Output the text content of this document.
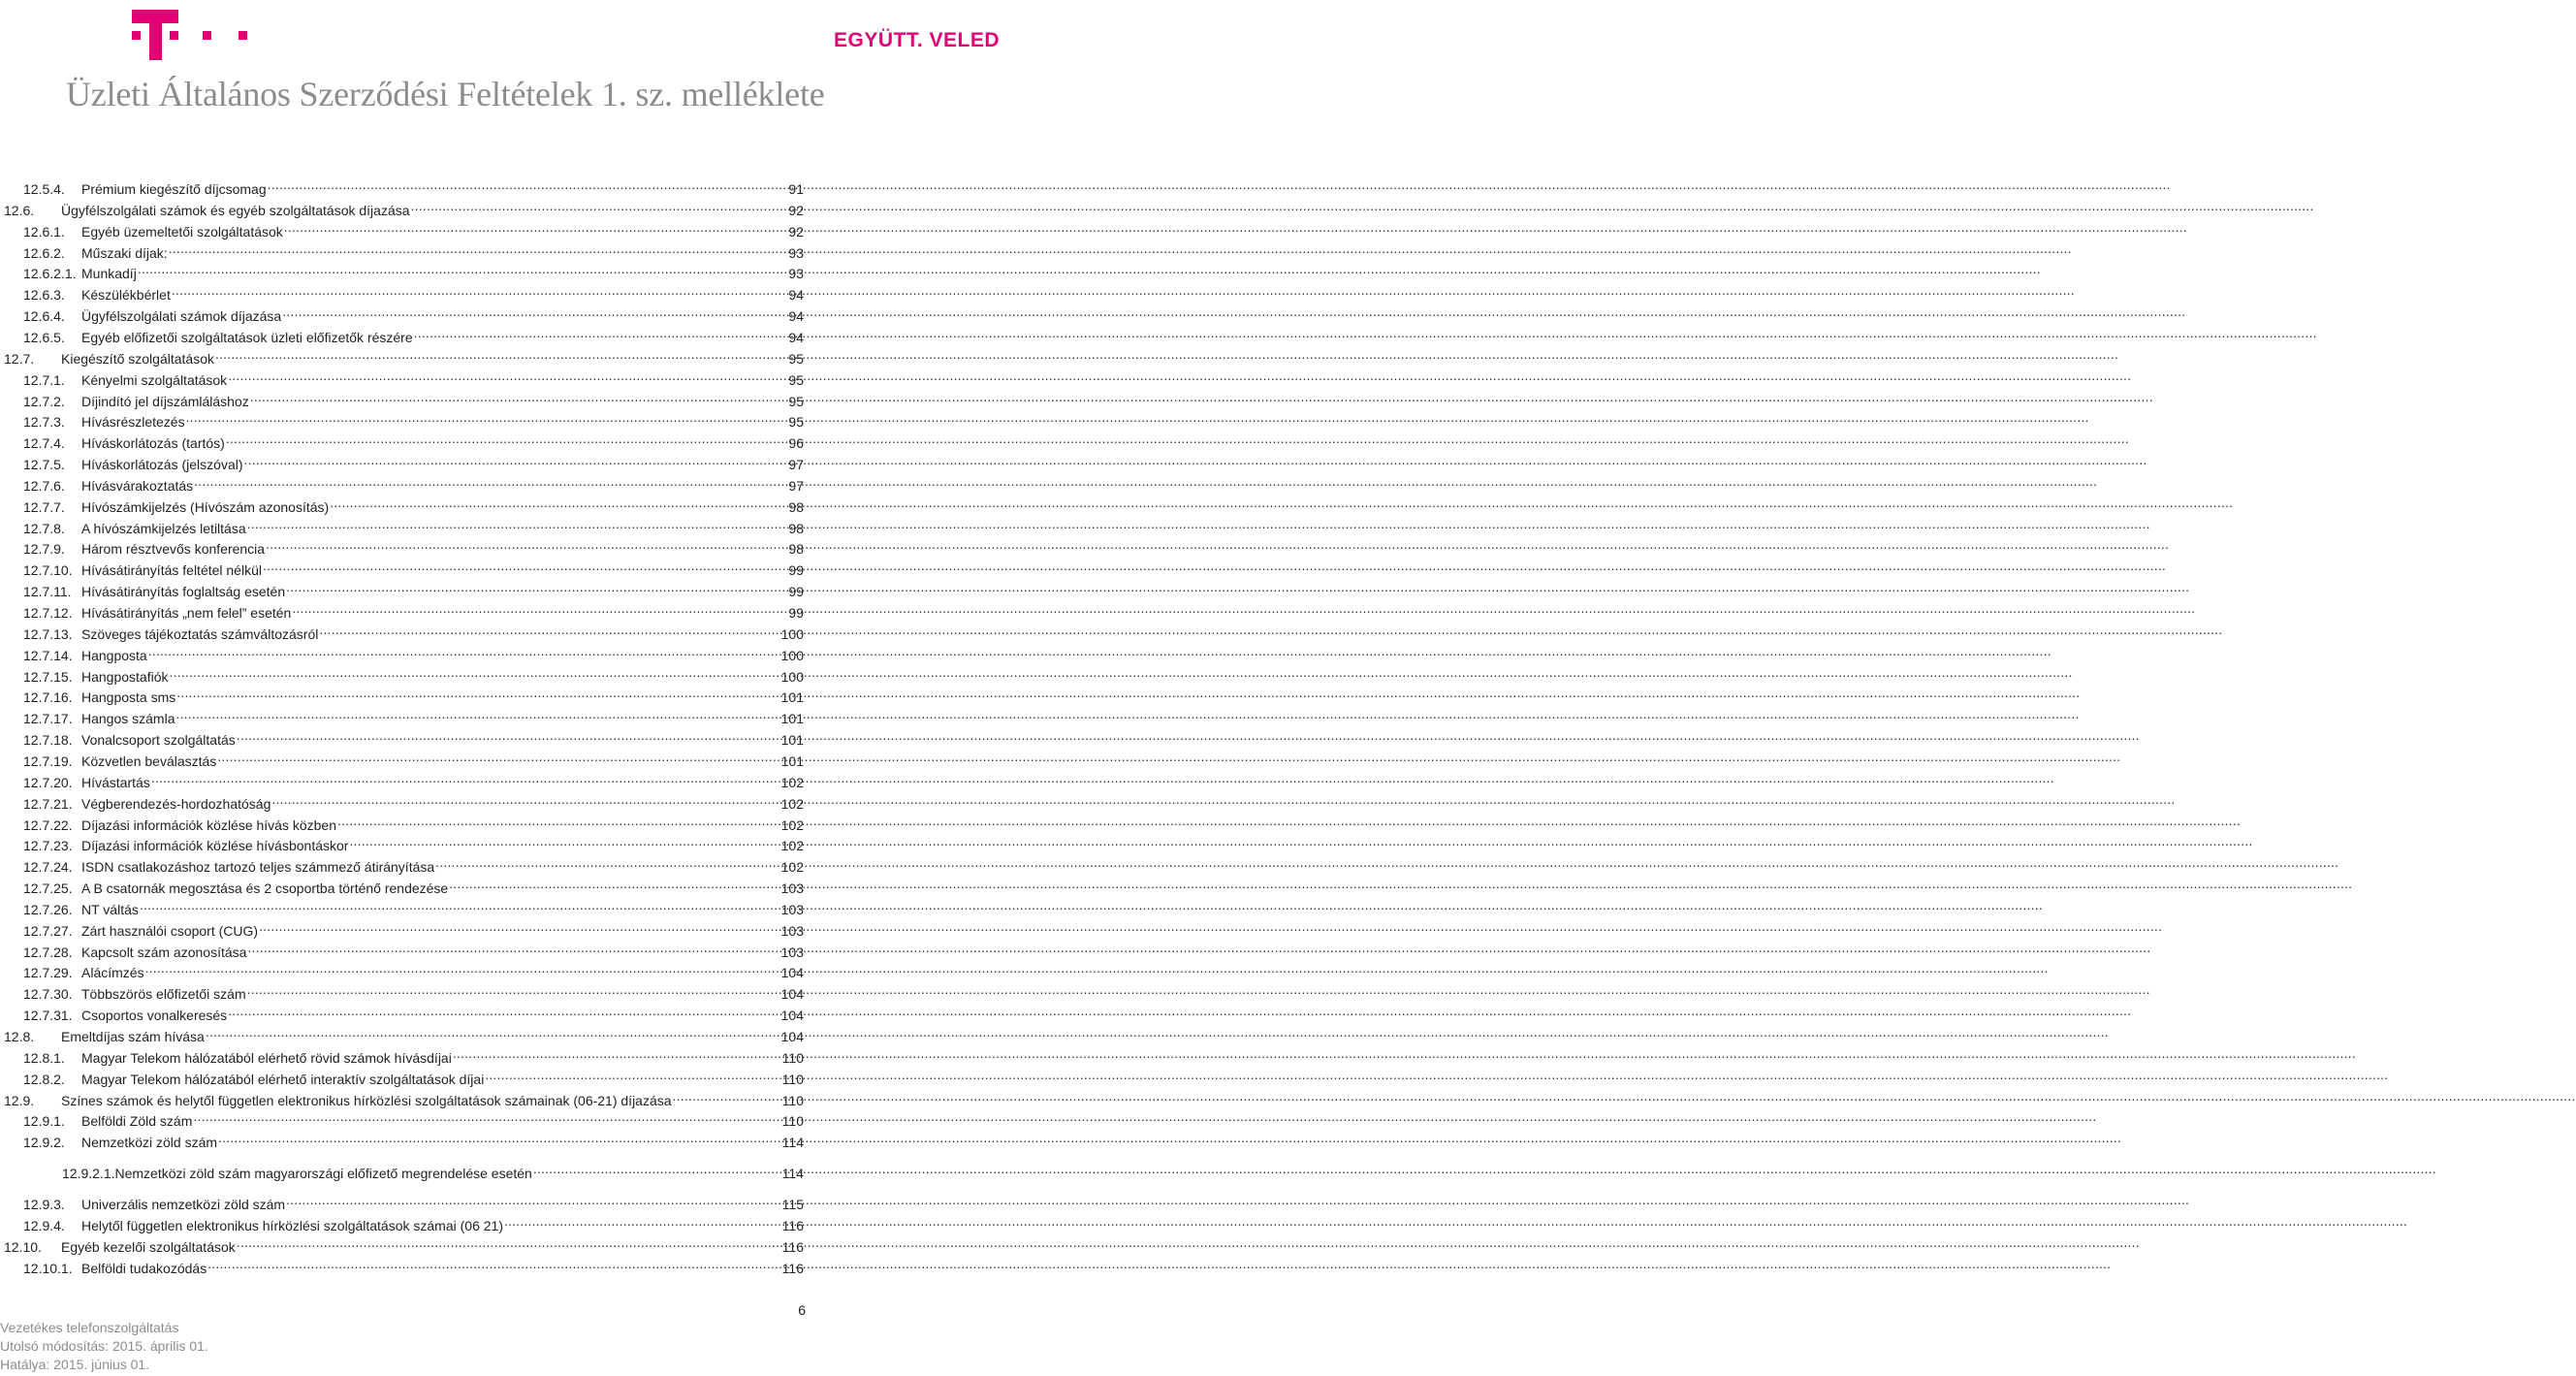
EGYÜTT. VELED
Üzleti Általános Szerződési Feltételek 1. sz. melléklete
12.5.4.	Prémium kiegészítő díjcsomag .....	91
12.6.	Ügyfélszolgálati számok és egyéb szolgáltatások díjazása .....	92
12.6.1.	Egyéb üzemeltetői szolgáltatások .....	92
12.6.2.	Műszaki díjak: .....	93
12.6.2.1. Munkadíj .....	93
12.6.3.	Készülékbérlet .....	94
12.6.4.	Ügyfélszolgálati számok díjazása .....	94
12.6.5.	Egyéb előfizetői szolgáltatások üzleti előfizetők részére .....	94
12.7.	Kiegészítő szolgáltatások .....	95
12.7.1.	Kényelmi szolgáltatások .....	95
12.7.2.	Díjindító jel díjszámláláshoz .....	95
12.7.3.	Hívásrészletezés .....	95
12.7.4.	Híváskorlátozás (tartós) .....	96
12.7.5.	Híváskorlátozás (jelszóval) .....	97
12.7.6.	Hívásvárakoztatás .....	97
12.7.7.	Hívószámkijelzés (Hívószám azonosítás) .....	98
12.7.8.	A hívószámkijelzés letiltása .....	98
12.7.9.	Három résztvevős konferencia .....	98
12.7.10. Hívásátirányítás feltétel nélkül .....	99
12.7.11. Hívásátirányítás foglaltság esetén .....	99
12.7.12. Hívásátirányítás „nem felel” esetén .....	99
12.7.13. Szöveges tájékoztatás számváltozásról .....	100
12.7.14. Hangposta .....	100
12.7.15. Hangpostafiók .....	100
12.7.16. Hangposta sms .....	101
12.7.17. Hangos számla .....	101
12.7.18. Vonalcsoport szolgáltatás .....	101
12.7.19. Közvetlen beválasztás .....	101
12.7.20. Hívástartás .....	102
12.7.21. Végberendezés-hordozhatóság .....	102
12.7.22. Díjazási információk közlése hívás közben .....	102
12.7.23. Díjazási információk közlése hívásbontáskor .....	102
12.7.24. ISDN csatlakozáshoz tartozó teljes számmező átirányítása .....	102
12.7.25. A B csatornák megosztása és 2 csoportba történő rendezése .....	103
12.7.26. NT váltás .....	103
12.7.27. Zárt használói csoport (CUG) .....	103
12.7.28. Kapcsolt szám azonosítása .....	103
12.7.29. Alácímzés .....	104
12.7.30. Többszörös előfizetői szám .....	104
12.7.31. Csoportos vonalkeresés .....	104
12.8.	Emeltdíjas szám hívása .....	104
12.8.1.	Magyar Telekom hálózatából elérhető rövid számok hívásdíjai .....	110
12.8.2.	Magyar Telekom hálózatából elérhető interaktív szolgáltatások díjai .....	110
12.9.	Színes számok és helytől független elektronikus hírközlési szolgáltatások számainak (06-21) díjazása .....	110
12.9.1.	Belföldi Zöld szám .....	110
12.9.2.	Nemzetközi zöld szám .....	114
12.9.2.1. Nemzetközi zöld szám magyarországi előfizető megrendelése esetén .....	114
12.9.3.	Univerzális nemzetközi zöld szám .....	115
12.9.4.	Helytől független elektronikus hírközlési szolgáltatások számai (06 21) .....	116
12.10.	Egyéb kezelői szolgáltatások .....	116
12.10.1. Belföldi tudakozódás .....	116
6
Vezetékes telefonszolgáltatás
Utolsó módosítás: 2015. április 01.
Hatálya: 2015. június 01.
